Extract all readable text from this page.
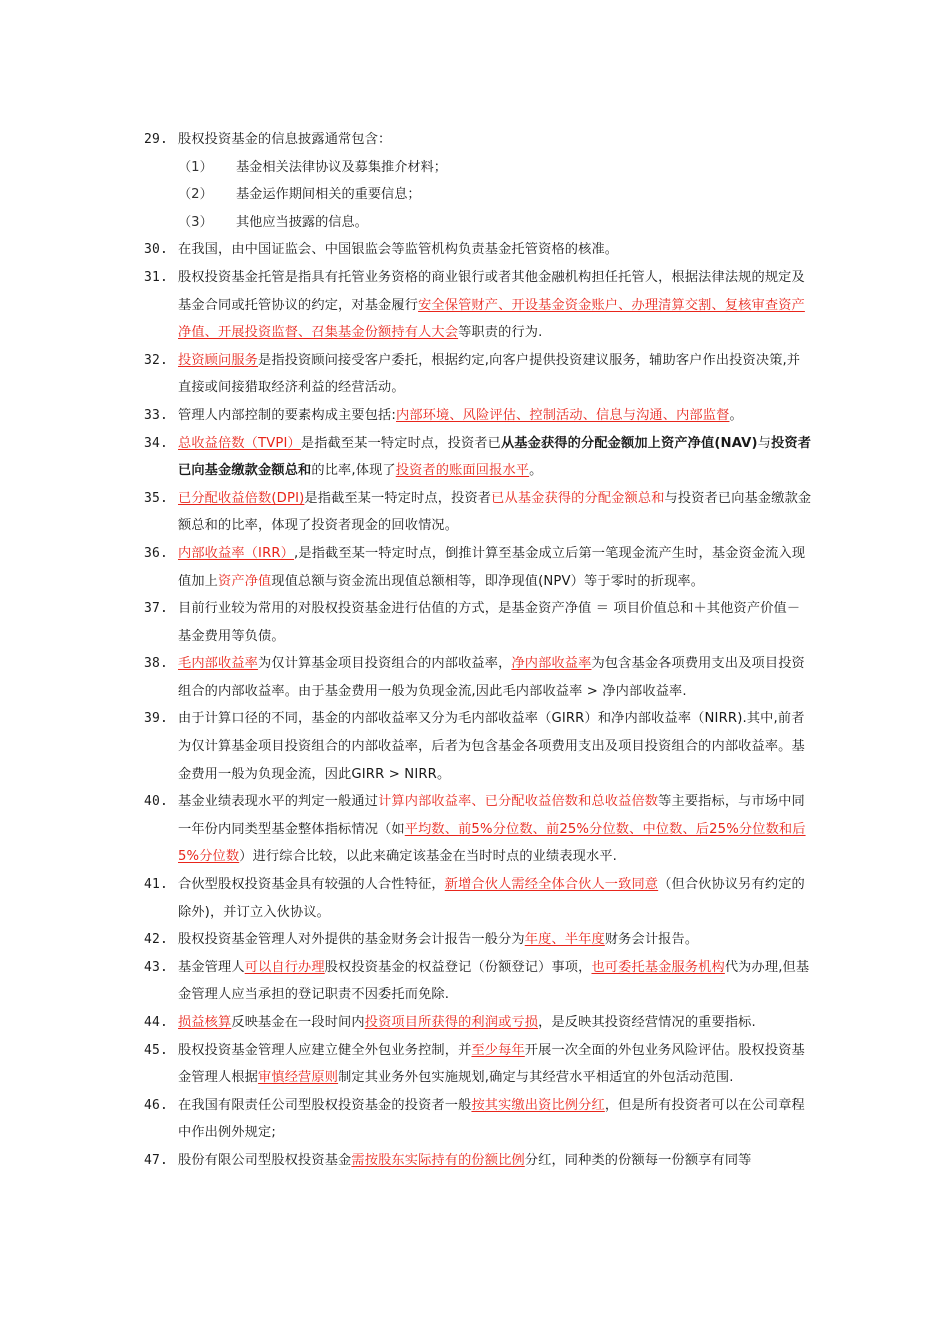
29. 股权投资基金的信息披露通常包含：
（1） 基金相关法律协议及募集推介材料；
（2） 基金运作期间相关的重要信息；
（3） 其他应当披露的信息。
30. 在我国，由中国证监会、中国银监会等监管机构负责基金托管资格的核准。
31. 股权投资基金托管是指具有托管业务资格的商业银行或者其他金融机构担任托管人，根据法律法规的规定及基金合同或托管协议的约定，对基金履行安全保管财产、开设基金资金账户、办理清算交割、复核审查资产净值、开展投资监督、召集基金份额持有人大会等职责的行为.
32. 投资顾问服务是指投资顾问接受客户委托，根据约定,向客户提供投资建议服务，辅助客户作出投资决策,并直接或间接猎取经济利益的经营活动。
33. 管理人内部控制的要素构成主要包括:内部环境、风险评估、控制活动、信息与沟通、内部监督。
34. 总收益倍数（TVPI）是指截至某一特定时点，投资者已从基金获得的分配金额加上资产净值(NAV)与投资者已向基金缴款金额总和的比率,体现了投资者的账面回报水平。
35. 已分配收益倍数(DPI)是指截至某一特定时点，投资者已从基金获得的分配金额总和与投资者已向基金缴款金额总和的比率，体现了投资者现金的回收情况。
36. 内部收益率（IRR）,是指截至某一特定时点，倒推计算至基金成立后第一笔现金流产生时，基金资金流入现值加上资产净值现值总额与资金流出现值总额相等，即净现值(NPV）等于零时的折现率。
37. 目前行业较为常用的对股权投资基金进行估值的方式，是基金资产净值 ＝ 项目价值总和＋其他资产价值－基金费用等负债。
38. 毛内部收益率为仅计算基金项目投资组合的内部收益率，净内部收益率为包含基金各项费用支出及项目投资组合的内部收益率。由于基金费用一般为负现金流,因此毛内部收益率 > 净内部收益率.
39. 由于计算口径的不同，基金的内部收益率又分为毛内部收益率（GIRR）和净内部收益率（NIRR).其中,前者为仅计算基金项目投资组合的内部收益率，后者为包含基金各项费用支出及项目投资组合的内部收益率。基金费用一般为负现金流，因此GIRR > NIRR。
40. 基金业绩表现水平的判定一般通过计算内部收益率、已分配收益倍数和总收益倍数等主要指标，与市场中同一年份内同类型基金整体指标情况（如平均数、前5%分位数、前25%分位数、中位数、后25%分位数和后5%分位数）进行综合比较，以此来确定该基金在当时时点的业绩表现水平.
41. 合伙型股权投资基金具有较强的人合性特征，新增合伙人需经全体合伙人一致同意（但合伙协议另有约定的除外)，并订立入伙协议。
42. 股权投资基金管理人对外提供的基金财务会计报告一般分为年度、半年度财务会计报告。
43. 基金管理人可以自行办理股权投资基金的权益登记（份额登记）事项，也可委托基金服务机构代为办理,但基金管理人应当承担的登记职责不因委托而免除.
44. 损益核算反映基金在一段时间内投资项目所获得的利润或亏损，是反映其投资经营情况的重要指标.
45. 股权投资基金管理人应建立健全外包业务控制，并至少每年开展一次全面的外包业务风险评估。股权投资基金管理人根据审慎经营原则制定其业务外包实施规划,确定与其经营水平相适宜的外包活动范围.
46. 在我国有限责任公司型股权投资基金的投资者一般按其实缴出资比例分红，但是所有投资者可以在公司章程中作出例外规定;
47. 股份有限公司型股权投资基金需按股东实际持有的份额比例分红，同种类的份额每一份额享有同等
